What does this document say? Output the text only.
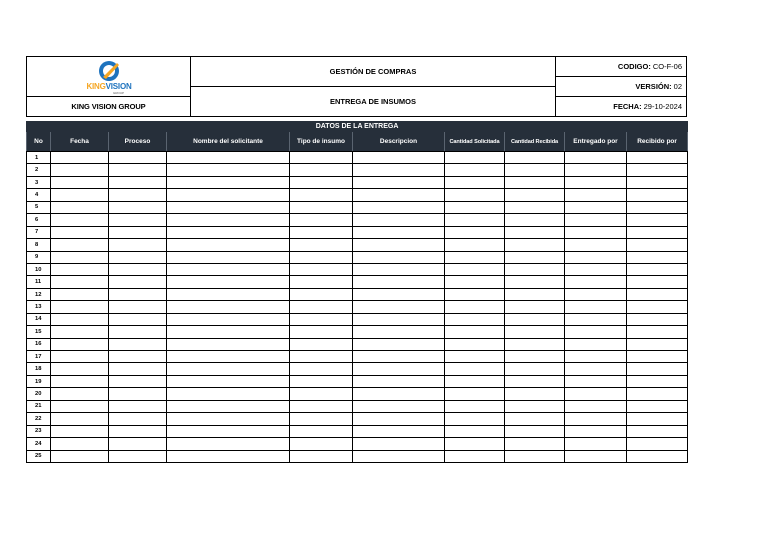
KINGVISION
GROUP
KING VISION GROUP
GESTIÓN DE COMPRAS
ENTREGA DE INSUMOS
CODIGO: CO-F-06
VERSIÓN: 02
FECHA: 29-10-2024
DATOS DE LA ENTREGA									
No	Fecha	Proceso	Nombre del solicitante	Tipo de insumo	Descripcion	Cantidad Solicitada	Cantidad Recibida	Entregado por	Recibido por
1									
2									
3									
4									
5									
6									
7									
8									
9									
10									
11									
12									
13									
14									
15									
16									
17									
18									
19									
20									
21									
22									
23									
24									
25									
